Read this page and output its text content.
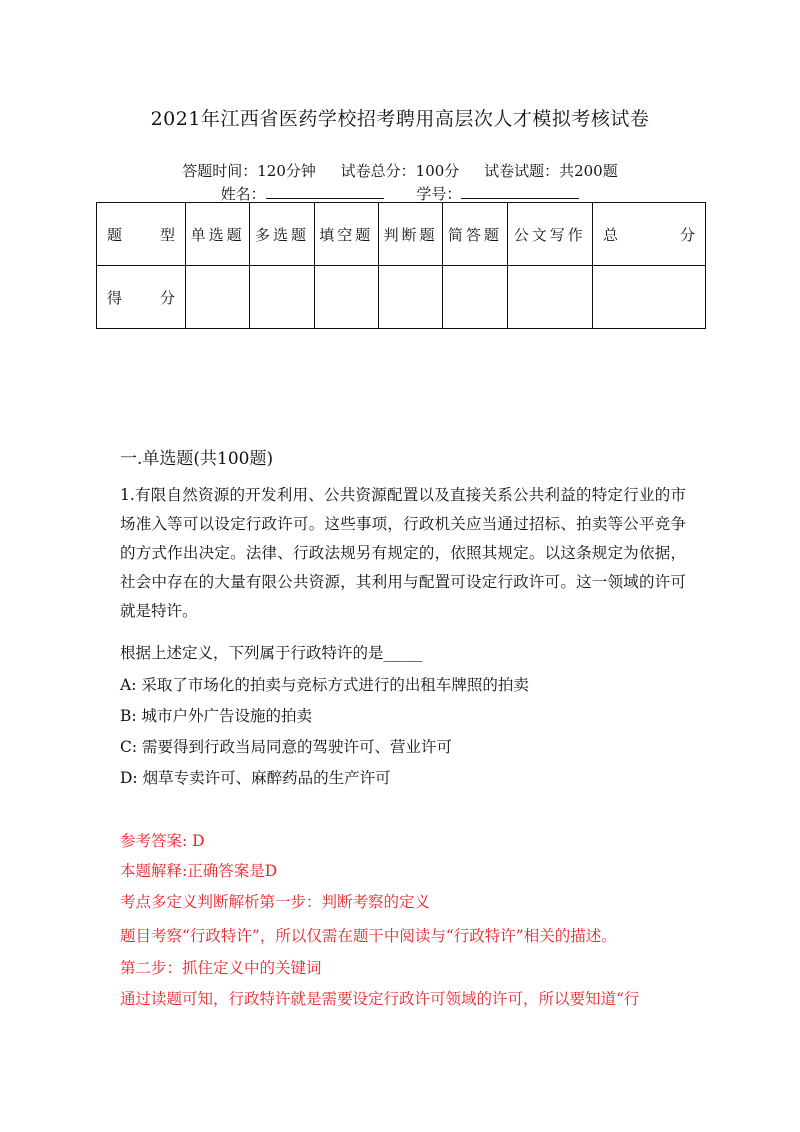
2021年江西省医药学校招考聘用高层次人才模拟考核试卷
答题时间：120分钟 试卷总分：100分 试卷试题：共200题
姓名：	学号：
题　型	单选题	多选题	填空题	判断题	简答题	公文写作	总　分
得　分							
一.单选题(共100题)
1.有限自然资源的开发利用、公共资源配置以及直接关系公共利益的特定行业的市场准入等可以设定行政许可。这些事项，行政机关应当通过招标、拍卖等公平竞争的方式作出决定。法律、行政法规另有规定的，依照其规定。以这条规定为依据，社会中存在的大量有限公共资源，其利用与配置可设定行政许可。这一领域的许可就是特许。
根据上述定义，下列属于行政特许的是_____
A: 采取了市场化的拍卖与竞标方式进行的出租车牌照的拍卖
B: 城市户外广告设施的拍卖
C: 需要得到行政当局同意的驾驶许可、营业许可
D: 烟草专卖许可、麻醉药品的生产许可
参考答案: D
本题解释:正确答案是D
考点多定义判断解析第一步：判断考察的定义
题目考察“行政特许”，所以仅需在题干中阅读与“行政特许”相关的描述。
第二步：抓住定义中的关键词
通过读题可知，行政特许就是需要设定行政许可领域的许可，所以要知道“行
